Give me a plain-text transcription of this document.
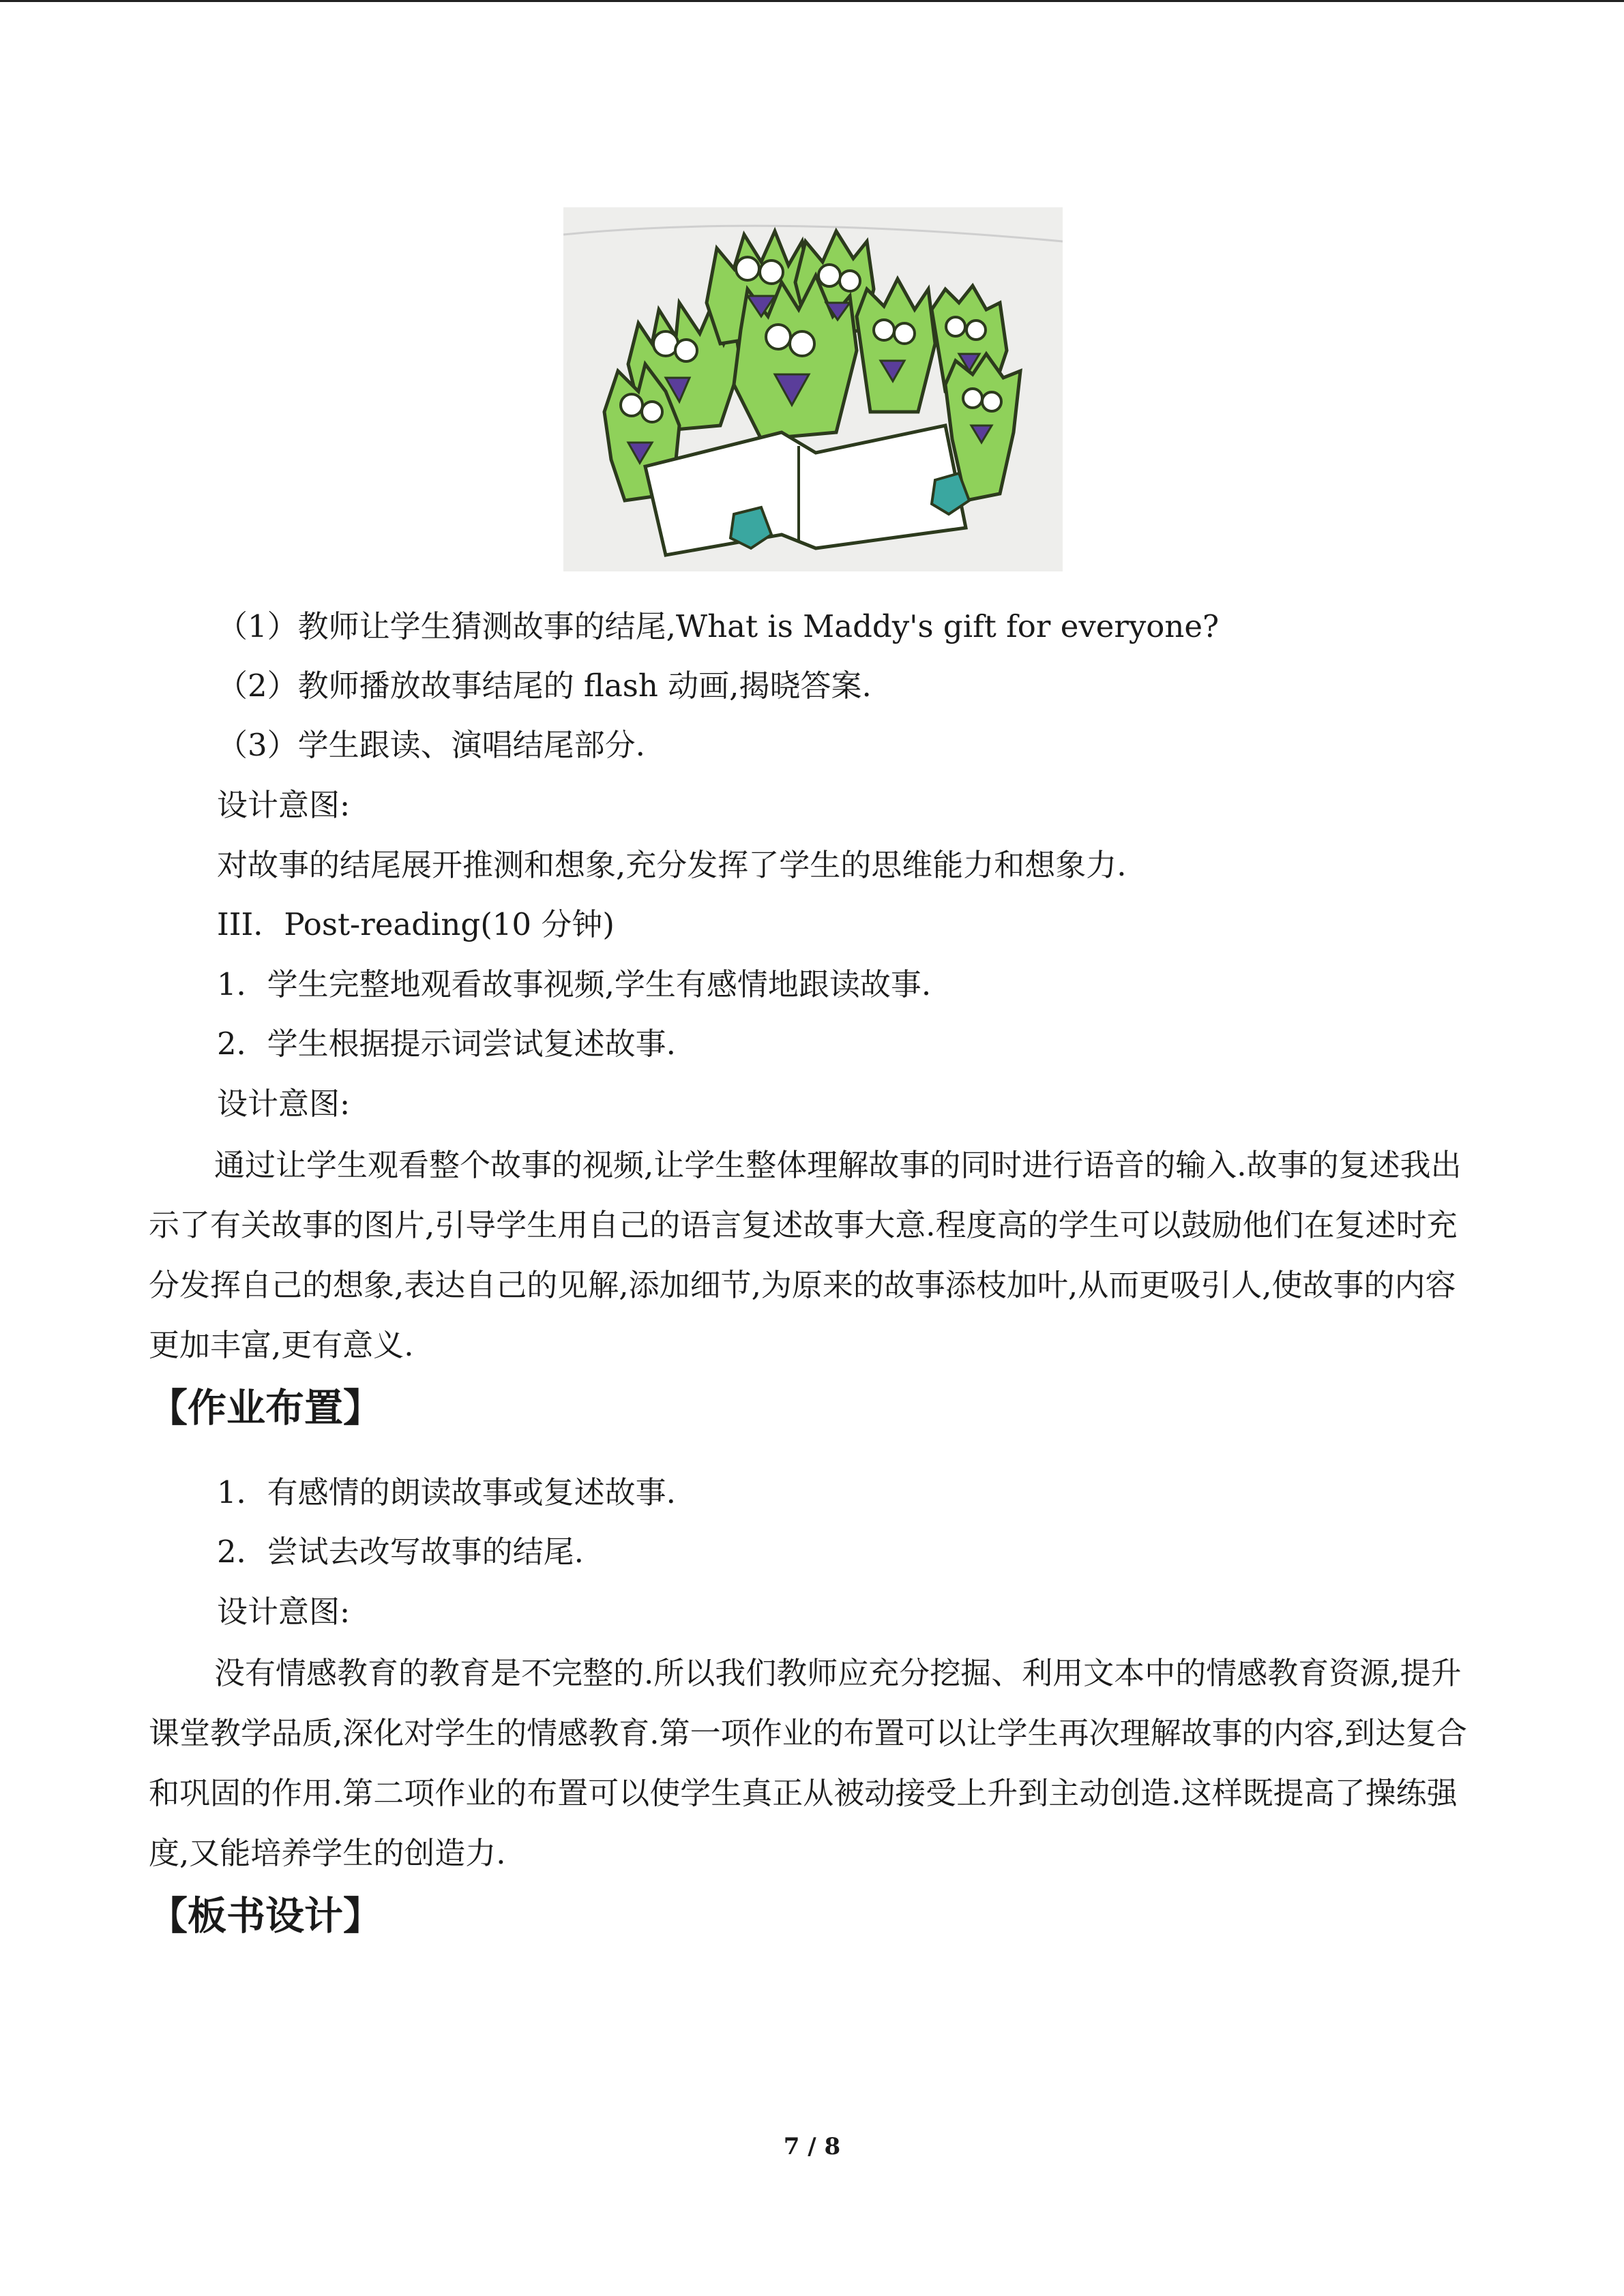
（1）教师让学生猜测故事的结尾,What is Maddy's gift for everyone?

（2）教师播放故事结尾的 flash 动画,揭晓答案.

（3）学生跟读、演唱结尾部分.

设计意图:

对故事的结尾展开推测和想象,充分发挥了学生的思维能力和想象力.

III．Post-reading(10 分钟)

1．学生完整地观看故事视频,学生有感情地跟读故事.

2．学生根据提示词尝试复述故事.

设计意图:

通过让学生观看整个故事的视频,让学生整体理解故事的同时进行语音的输入.故事的复述我出示了有关故事的图片,引导学生用自己的语言复述故事大意.程度高的学生可以鼓励他们在复述时充分发挥自己的想象,表达自己的见解,添加细节,为原来的故事添枝加叶,从而更吸引人,使故事的内容更加丰富,更有意义.

【作业布置】

1．有感情的朗读故事或复述故事.

2．尝试去改写故事的结尾.

设计意图:

没有情感教育的教育是不完整的.所以我们教师应充分挖掘、利用文本中的情感教育资源,提升课堂教学品质,深化对学生的情感教育.第一项作业的布置可以让学生再次理解故事的内容,到达复合和巩固的作用.第二项作业的布置可以使学生真正从被动接受上升到主动创造.这样既提高了操练强度,又能培养学生的创造力.

【板书设计】
7 / 8
